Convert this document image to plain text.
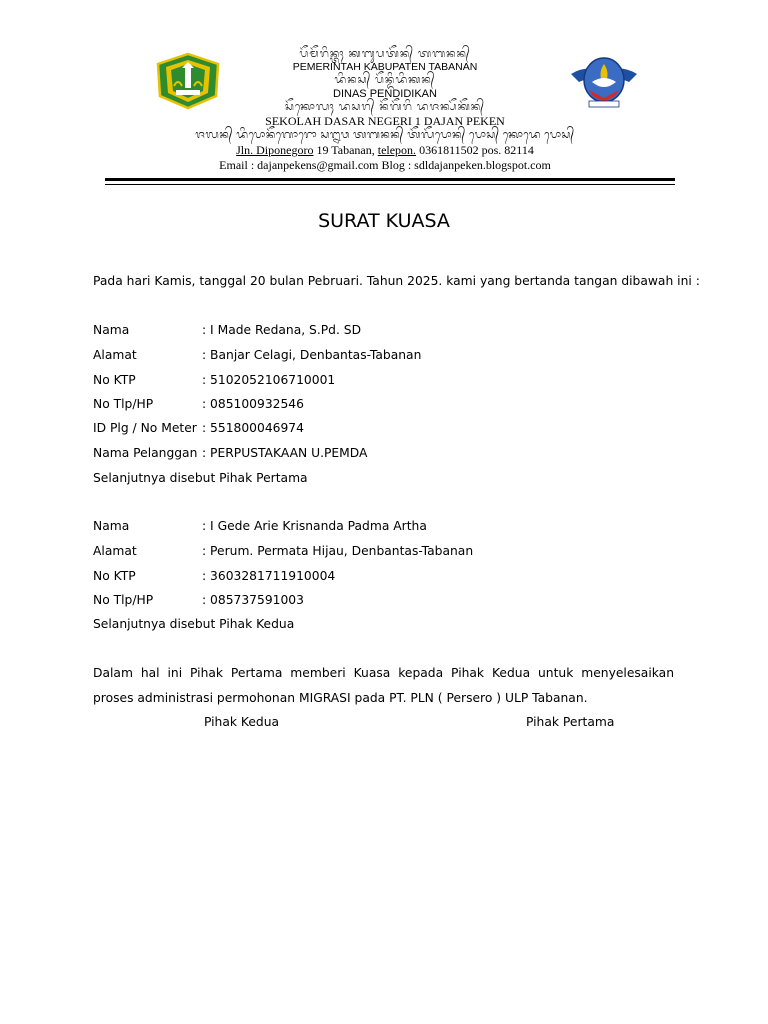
ᬧᭂᬫᭂᬭᬶᬦ᭄ᬢᬄ ᬓᬩᬸᬧᬢᭂᬦ᭄ ᬢᬩᬦᬦ᭄
PEMERINTAH KABUPATEN TABANAN
ᬤᬶᬦᬲ᭄ ᬧᭂᬦ᭄ᬤᬶᬤᬶᬓᬦ᭄
DINAS PENDIDIKAN
ᬲᭂᬓᭀᬮᬄ ᬤᬲᬭ᭄ ᬦᭂᬕᭂᬭᬶ ᬤᬚᬦ᭄ᬧᭂᬓᭂᬦ᭄
SEKOLAH DASAR NEGERI 1 DAJAN PEKEN
ᬚᬮᬦ᭄ ᬤᬶᬧᭀᬦᭂᬕᭀᬭᭀ ᬲᬗ᭄ᬦᬯ ᬢᬩᬦᬦ᭄ ᬢᭂᬮᭂᬧᭀᬦ᭄ ᬧᭀᬲ᭄ ᬓᭀᬤᬾ ᬧᭀᬲ᭄
Jln. Diponegoro 19 Tabanan, telepon. 0361811502 pos. 82114
Email : dajanpekens@gmail.com Blog : sdldajanpeken.blogspot.com
SURAT KUASA
Pada hari Kamis, tanggal 20 bulan Pebruari. Tahun 2025. kami yang bertanda tangan dibawah ini :
Nama	: I Made Redana, S.Pd. SD
Alamat	: Banjar Celagi, Denbantas-Tabanan
No KTP	: 5102052106710001
No Tlp/HP	: 085100932546
ID Plg / No Meter : 551800046974
Nama Pelanggan : PERPUSTAKAAN U.PEMDA
Selanjutnya disebut Pihak Pertama
Nama	: I Gede Arie Krisnanda Padma Artha
Alamat	: Perum. Permata Hijau, Denbantas-Tabanan
No KTP	: 3603281711910004
No Tlp/HP	: 085737591003
Selanjutnya disebut Pihak Kedua
Dalam hal ini Pihak Pertama memberi Kuasa kepada Pihak Kedua untuk menyelesaikan proses administrasi permohonan MIGRASI pada PT. PLN ( Persero ) ULP Tabanan.
Pihak Kedua	Pihak Pertama
